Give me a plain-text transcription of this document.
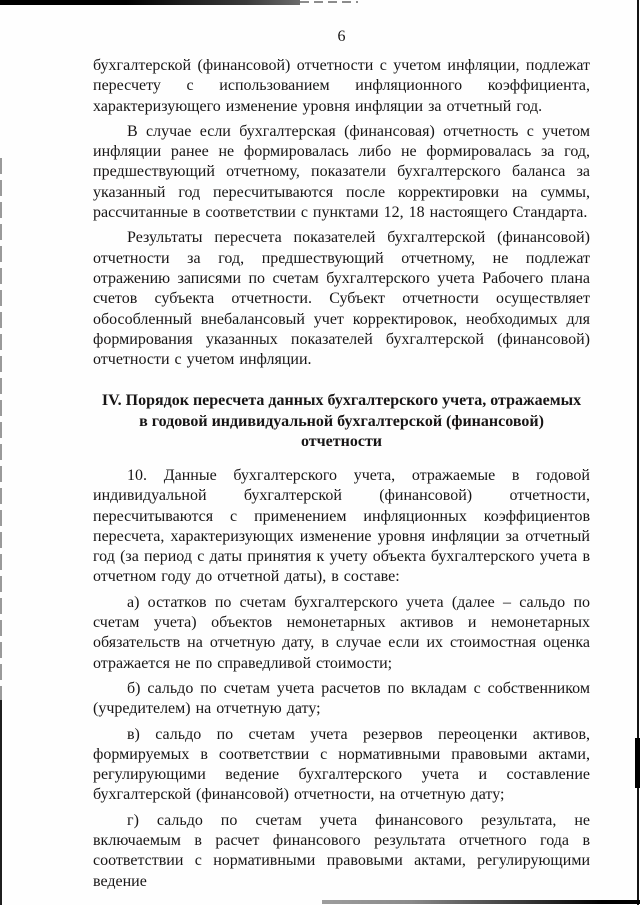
6

бухгалтерской (финансовой) отчетности с учетом инфляции, подлежат пересчету с использованием инфляционного коэффициента, характеризующего изменение уровня инфляции за отчетный год.

В случае если бухгалтерская (финансовая) отчетность с учетом инфляции ранее не формировалась либо не формировалась за год, предшествующий отчетному, показатели бухгалтерского баланса за указанный год пересчитываются после корректировки на суммы, рассчитанные в соответствии с пунктами 12, 18 настоящего Стандарта.

Результаты пересчета показателей бухгалтерской (финансовой) отчетности за год, предшествующий отчетному, не подлежат отражению записями по счетам бухгалтерского учета Рабочего плана счетов субъекта отчетности. Субъект отчетности осуществляет обособленный внебалансовый учет корректировок, необходимых для формирования указанных показателей бухгалтерской (финансовой) отчетности с учетом инфляции.

IV. Порядок пересчета данных бухгалтерского учета, отражаемых в годовой индивидуальной бухгалтерской (финансовой) отчетности

10. Данные бухгалтерского учета, отражаемые в годовой индивидуальной бухгалтерской (финансовой) отчетности, пересчитываются с применением инфляционных коэффициентов пересчета, характеризующих изменение уровня инфляции за отчетный год (за период с даты принятия к учету объекта бухгалтерского учета в отчетном году до отчетной даты), в составе:

а) остатков по счетам бухгалтерского учета (далее – сальдо по счетам учета) объектов немонетарных активов и немонетарных обязательств на отчетную дату, в случае если их стоимостная оценка отражается не по справедливой стоимости;

б) сальдо по счетам учета расчетов по вкладам с собственником (учредителем) на отчетную дату;

в) сальдо по счетам учета резервов переоценки активов, формируемых в соответствии с нормативными правовыми актами, регулирующими ведение бухгалтерского учета и составление бухгалтерской (финансовой) отчетности, на отчетную дату;

г) сальдо по счетам учета финансового результата, не включаемым в расчет финансового результата отчетного года в соответствии с нормативными правовыми актами, регулирующими ведение
